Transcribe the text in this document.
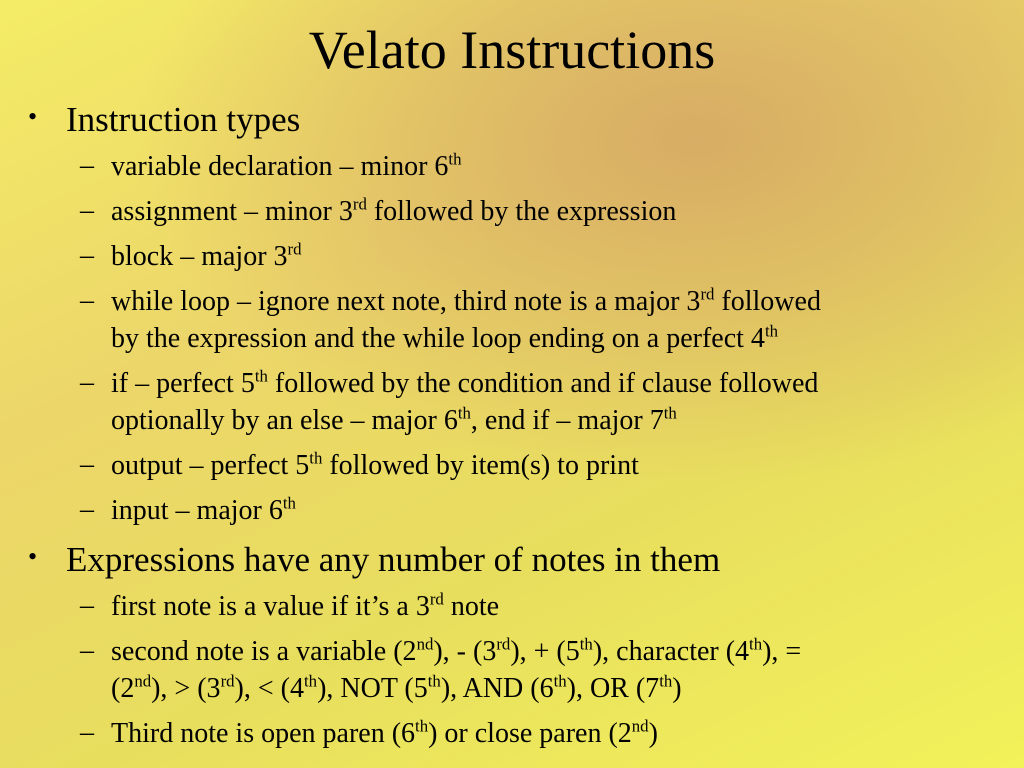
Velato Instructions
• Instruction types

– variable declaration – minor 6th

– assignment – minor 3rd followed by the expression

– block – major 3rd

– while loop – ignore next note, third note is a major 3rd followed

by the expression and the while loop ending on a perfect 4th

– if – perfect 5th followed by the condition and if clause followed

optionally by an else – major 6th, end if – major 7th

– output – perfect 5th followed by item(s) to print

– input – major 6th

• Expressions have any number of notes in them

– first note is a value if it’s a 3rd note

– second note is a variable (2nd), - (3rd), + (5th), character (4th), =

(2nd), > (3rd), < (4th), NOT (5th), AND (6th), OR (7th)

– Third note is open paren (6th) or close paren (2nd)
